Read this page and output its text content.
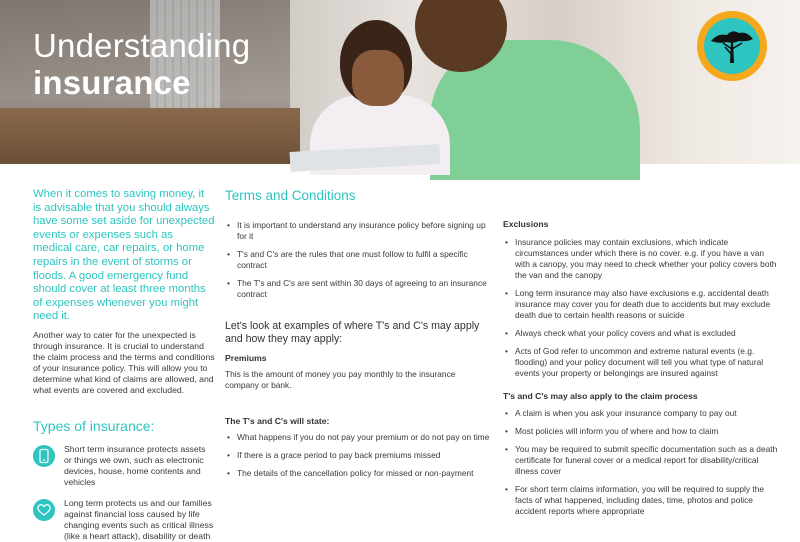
Understanding
insurance

When it comes to saving money, it is advisable that you should always have some set aside for unexpected events or expenses such as medical care, car repairs, or home repairs in the event of storms or floods. A good emergency fund should cover at least three months of expenses whenever you might need it.

Another way to cater for the unexpected is through insurance. It is crucial to understand the claim process and the terms and conditions of your insurance policy. This will allow you to determine what kind of claims are allowed, and what events are covered and excluded.

Types of insurance:
Short term insurance protects assets or things we own, such as electronic devices, house, home contents and vehicles
Long term protects us and our families against financial loss caused by life changing events such as critical illness (like a heart attack), disability or death
Terms and Conditions
• It is important to understand any insurance policy before signing up for it
• T's and C's are the rules that one must follow to fulfil a specific contract
• The T's and C's are sent within 30 days of agreeing to an insurance contract
Let's look at examples of where T's and C's may apply and how they may apply:
Premiums

This is the amount of money you pay monthly to the insurance company or bank.

The T's and C's will state:
• What happens if you do not pay your premium or do not pay on time
• If there is a grace period to pay back premiums missed
• The details of the cancellation policy for missed or non-payment
Exclusions
• Insurance policies may contain exclusions, which indicate circumstances under which there is no cover. e.g. if you have a van with a canopy, you may need to check whether your policy covers both the van and the canopy
• Long term insurance may also have exclusions e.g. accidental death insurance may cover you for death due to accidents but may exclude death due to certain health reasons or suicide
• Always check what your policy covers and what is excluded
• Acts of God refer to uncommon and extreme natural events (e.g. flooding) and your policy document will tell you what type of natural events your property or belongings are insured against
T's and C's may also apply to the claim process
• A claim is when you ask your insurance company to pay out
• Most policies will inform you of where and how to claim
• You may be required to submit specific documentation such as a death certificate for funeral cover or a medical report for disability/critical illness cover
• For short term claims information, you will be required to supply the facts of what happened, including dates, time, photos and police accident reports where appropriate
